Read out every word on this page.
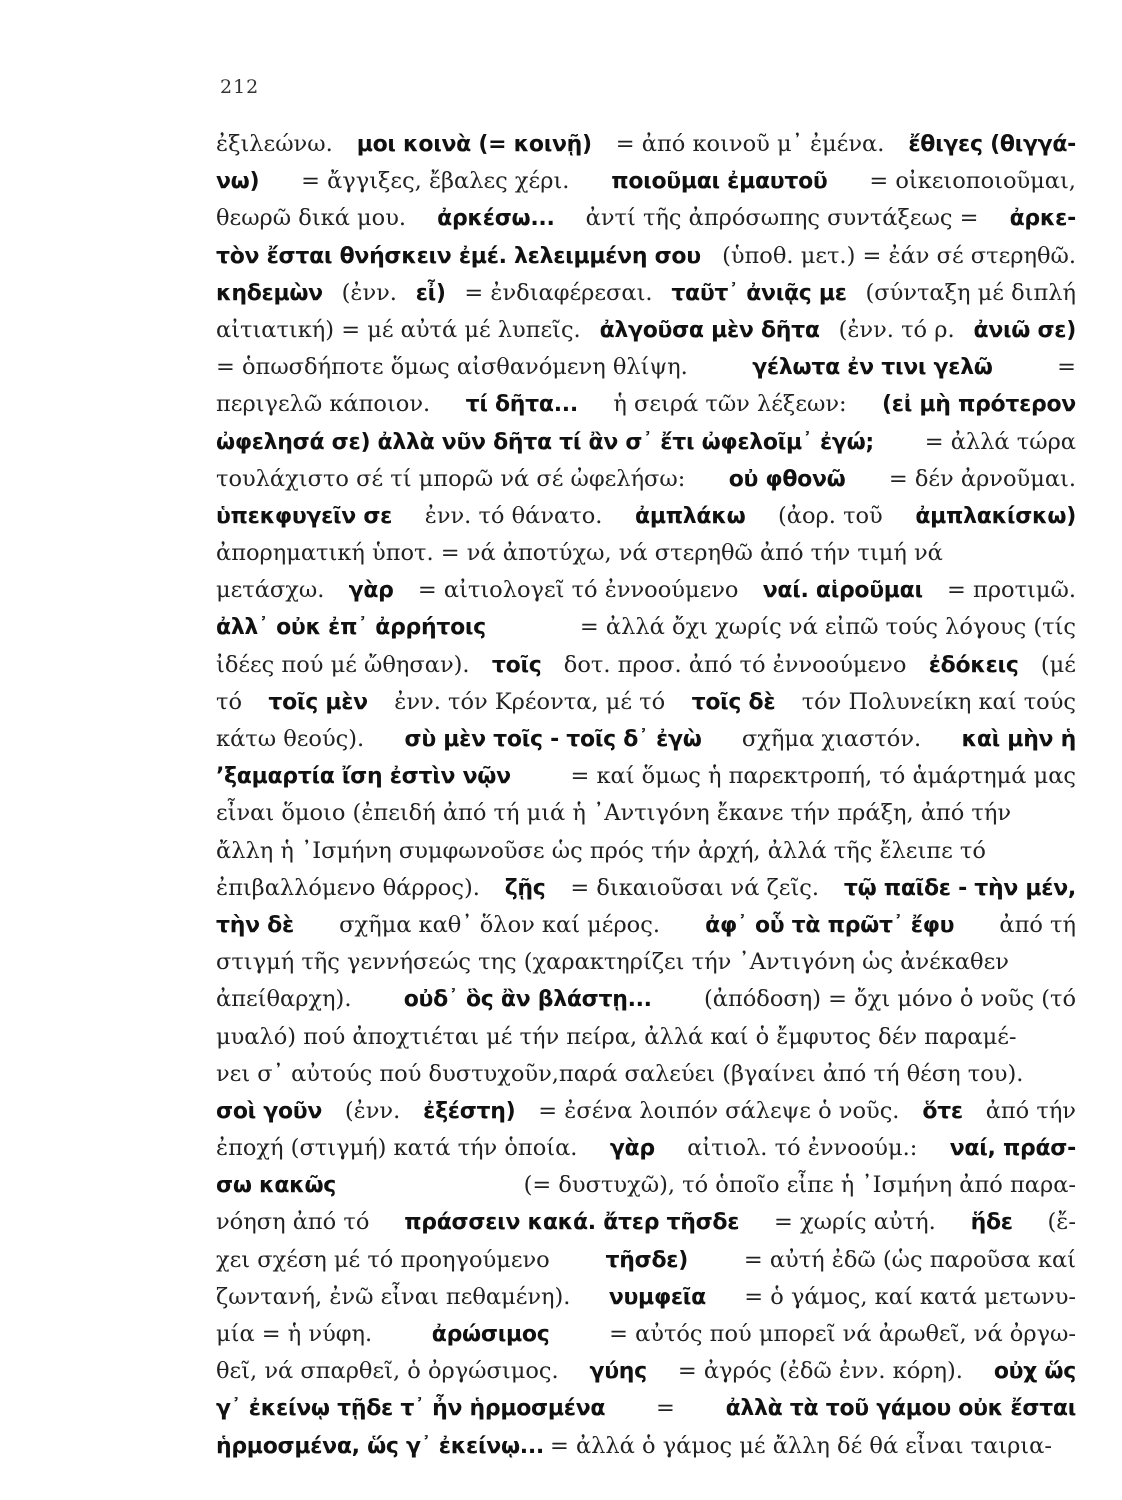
212
ἐξιλεώνω. μοι κοινὰ (= κοινῇ) = ἀπό κοινοῦ μ᾿ ἐμένα. ἔθιγες (θιγγά-
νω) = ἄγγιξες, ἔβαλες χέρι. ποιοῦμαι ἐμαυτοῦ = οἰκειοποιοῦμαι,
θεωρῶ δικά μου. ἀρκέσω... ἀντί τῆς ἀπρόσωπης συντάξεως = ἀρκε-
τὸν ἔσται θνήσκειν ἐμέ. λελειμμένη σου (ὑποθ. μετ.) = ἐάν σέ στερηθῶ.
κηδεμὼν (ἐνν. εἶ) = ἐνδιαφέρεσαι. ταῦτ᾿ ἀνιᾷς με (σύνταξη μέ διπλή
αἰτιατική) = μέ αὐτά μέ λυπεῖς. ἀλγοῦσα μὲν δῆτα (ἐνν. τό ρ. ἀνιῶ σε)
= ὁπωσδήποτε ὅμως αἰσθανόμενη θλίψη.	γέλωτα ἐν τινι γελῶ	=
περιγελῶ κάποιον. τί δῆτα... ἡ σειρά τῶν λέξεων: (εἰ μὴ πρότερον
ὠφελησά σε) ἀλλὰ νῦν δῆτα τί ἂν σ᾿ ἔτι ὠφελοῖμ᾿ ἐγώ; = ἀλλά τώρα
τουλάχιστο σέ τί μπορῶ νά σέ ὠφελήσω: οὐ φθονῶ = δέν ἀρνοῦμαι.
ὑπεκφυγεῖν σε ἐνν. τό θάνατο. ἀμπλάκω (ἀορ. τοῦ ἀμπλακίσκω)
ἀπορηματική ὑποτ. = νά ἀποτύχω, νά στερηθῶ ἀπό τήν τιμή νά
μετάσχω. γὰρ = αἰτιολογεῖ τό ἐννοούμενο ναί. αἱροῦμαι = προτιμῶ.
ἀλλ᾿ οὐκ ἐπ᾿ ἀρρήτοις	= ἀλλά ὄχι χωρίς νά εἰπῶ τούς λόγους (τίς
ἰδέες πού μέ ὤθησαν). τοῖς δοτ. προσ. ἀπό τό ἐννοούμενο ἐδόκεις (μέ
τό τοῖς μὲν ἐνν. τόν Κρέοντα, μέ τό τοῖς δὲ τόν Πολυνείκη καί τούς
κάτω θεούς). σὺ μὲν τοῖς - τοῖς δ᾿ ἐγὼ σχῆμα χιαστόν. καὶ μὴν ἡ
ʼξαμαρτία ἴση ἐστὶν νῷν	= καί ὅμως ἡ παρεκτροπή, τό ἁμάρτημά μας
εἶναι ὅμοιο (ἐπειδή ἀπό τή μιά ἡ ᾿Αντιγόνη ἔκανε τήν πράξη, ἀπό τήν
ἄλλη ἡ ᾿Ισμήνη συμφωνοῦσε ὡς πρός τήν ἀρχή, ἀλλά τῆς ἔλειπε τό
ἐπιβαλλόμενο θάρρος). ζῇς = δικαιοῦσαι νά ζεῖς. τῷ παῖδε - τὴν μέν,
τὴν δὲ σχῆμα καθ᾿ ὅλον καί μέρος. ἀφ᾿ οὗ τὰ πρῶτ᾿ ἔφυ ἀπό τή
στιγμή τῆς γεννήσεώς της (χαρακτηρίζει τήν ᾿Αντιγόνη ὡς ἀνέκαθεν
ἀπείθαρχη). οὐδ᾿ ὃς ἂν βλάστῃ... (ἀπόδοση) = ὄχι μόνο ὁ νοῦς (τό
μυαλό) πού ἀποχτιέται μέ τήν πείρα, ἀλλά καί ὁ ἔμφυτος δέν παραμέ-
νει σ᾿ αὐτούς πού δυστυχοῦν,παρά σαλεύει (βγαίνει ἀπό τή θέση του).
σοὶ γοῦν (ἐνν. ἐξέστη) = ἐσένα λοιπόν σάλεψε ὁ νοῦς. ὅτε ἀπό τήν
ἐποχή (στιγμή) κατά τήν ὁποία. γὰρ αἰτιολ. τό ἐννοούμ.: ναί, πράσ-
σω κακῶς	(= δυστυχῶ), τό ὁποῖο εἶπε ἡ ᾿Ισμήνη ἀπό παρα-
νόηση ἀπό τό πράσσειν κακά. ἄτερ τῆσδε = χωρίς αὐτή. ἥδε (ἔ-
χει σχέση μέ τό προηγούμενο	τῆσδε) = αὐτή ἐδῶ (ὡς παροῦσα καί
ζωντανή, ἐνῶ εἶναι πεθαμένη). νυμφεῖα = ὁ γάμος, καί κατά μετωνυ-
μία = ἡ νύφη.	ἀρώσιμος	= αὐτός πού μπορεῖ νά ἀρωθεῖ, νά ὀργω-
θεῖ, νά σπαρθεῖ, ὁ ὀργώσιμος. γύης = ἀγρός (ἐδῶ ἐνν. κόρη). οὐχ ὥς
γ᾿ ἐκείνῳ τῇδε τ᾿ ἦν ἡρμοσμένα = ἀλλὰ τὰ τοῦ γάμου οὐκ ἔσται
ἡρμοσμένα, ὥς γ᾿ ἐκείνῳ... = ἀλλά ὁ γάμος μέ ἄλλη δέ θά εἶναι ταιρια-
